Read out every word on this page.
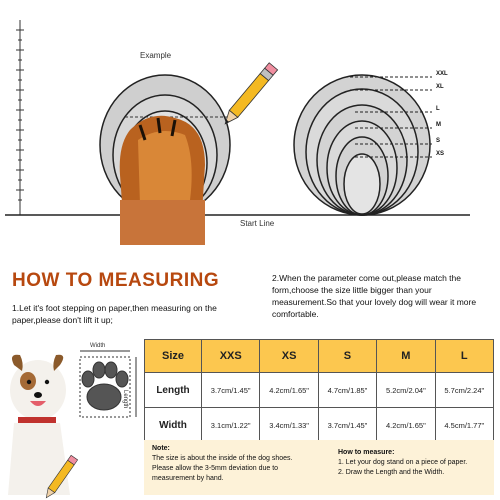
Example
Start Line
XXL
XL
L
M
S
XS
HOW TO MEASURING
1.Let it's foot stepping on paper,then measuring on the paper,please don't lift it up;
2.When the parameter come out,please match the form,choose the size little bigger than your measurement.So that your lovely dog will wear it more comfortable.
Width
Length
Size	XXS	XS	S	M	L
Length	3.7cm/1.45"	4.2cm/1.65"	4.7cm/1.85"	5.2cm/2.04"	5.7cm/2.24"
Width	3.1cm/1.22"	3.4cm/1.33"	3.7cm/1.45"	4.2cm/1.65"	4.5cm/1.77"
Note:
The size is about the inside of the dog shoes.
Please allow the 3-5mm deviation due to measurement by hand.
How to measure:
1. Let your dog stand on a piece of paper.
2. Draw the Length and the Width.
